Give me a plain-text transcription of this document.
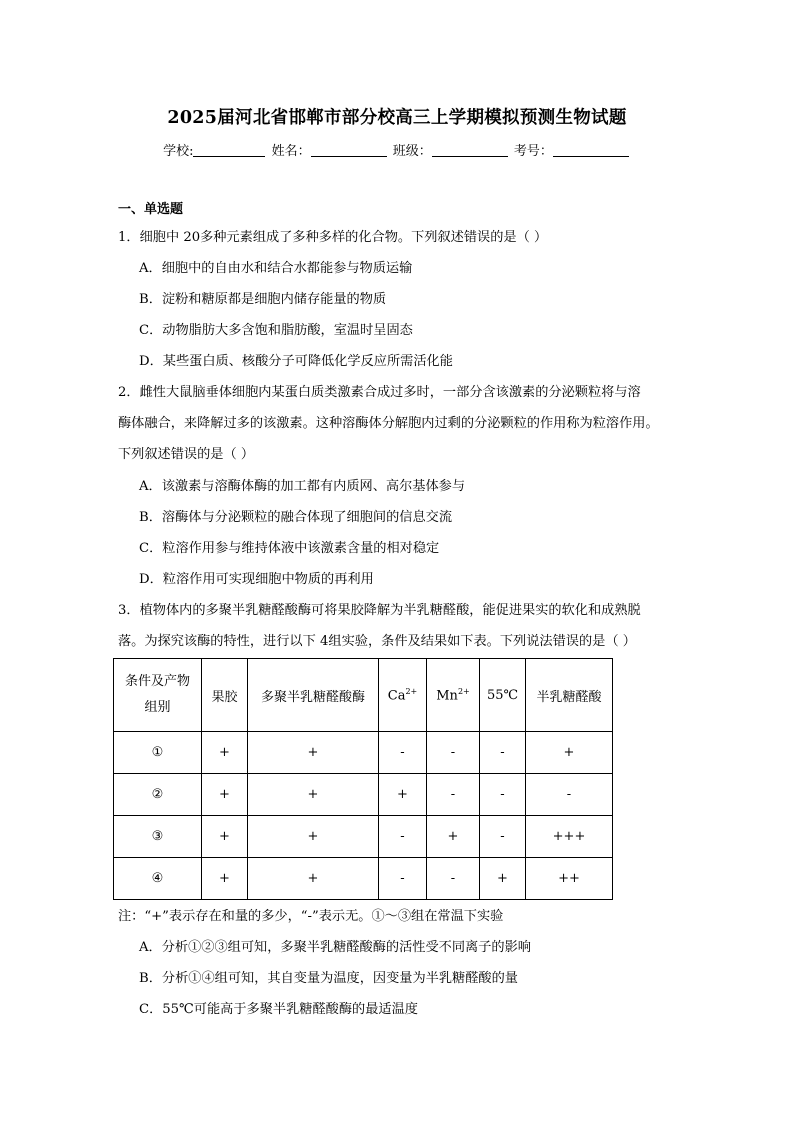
2025届河北省邯郸市部分校高三上学期模拟预测生物试题
学校:	姓名：	班级：	考号：
一、单选题
1．细胞中 20多种元素组成了多种多样的化合物。下列叙述错误的是（ ）
A．细胞中的自由水和结合水都能参与物质运输
B．淀粉和糖原都是细胞内储存能量的物质
C．动物脂肪大多含饱和脂肪酸，室温时呈固态
D．某些蛋白质、核酸分子可降低化学反应所需活化能
2．雌性大鼠脑垂体细胞内某蛋白质类激素合成过多时，一部分含该激素的分泌颗粒将与溶
酶体融合，来降解过多的该激素。这种溶酶体分解胞内过剩的分泌颗粒的作用称为粒溶作用。
下列叙述错误的是（ ）
A．该激素与溶酶体酶的加工都有内质网、高尔基体参与
B．溶酶体与分泌颗粒的融合体现了细胞间的信息交流
C．粒溶作用参与维持体液中该激素含量的相对稳定
D．粒溶作用可实现细胞中物质的再利用
3．植物体内的多聚半乳糖醛酸酶可将果胶降解为半乳糖醛酸，能促进果实的软化和成熟脱
落。为探究该酶的特性，进行以下 4组实验，条件及结果如下表。下列说法错误的是（ ）
条件及产物
组别	果胶	多聚半乳糖醛酸酶	$Ca^{2+}$	$Mn^{2+}$	55℃	半乳糖醛酸
①	+	+	-	-	-	+
②	+	+	+	-	-	-
③	+	+	-	+	-	+++
④	+	+	-	-	+	++
注：“+”表示存在和量的多少，“-”表示无。①～③组在常温下实验
A．分析①②③组可知，多聚半乳糖醛酸酶的活性受不同离子的影响
B．分析①④组可知，其自变量为温度，因变量为半乳糖醛酸的量
C．55℃可能高于多聚半乳糖醛酸酶的最适温度
